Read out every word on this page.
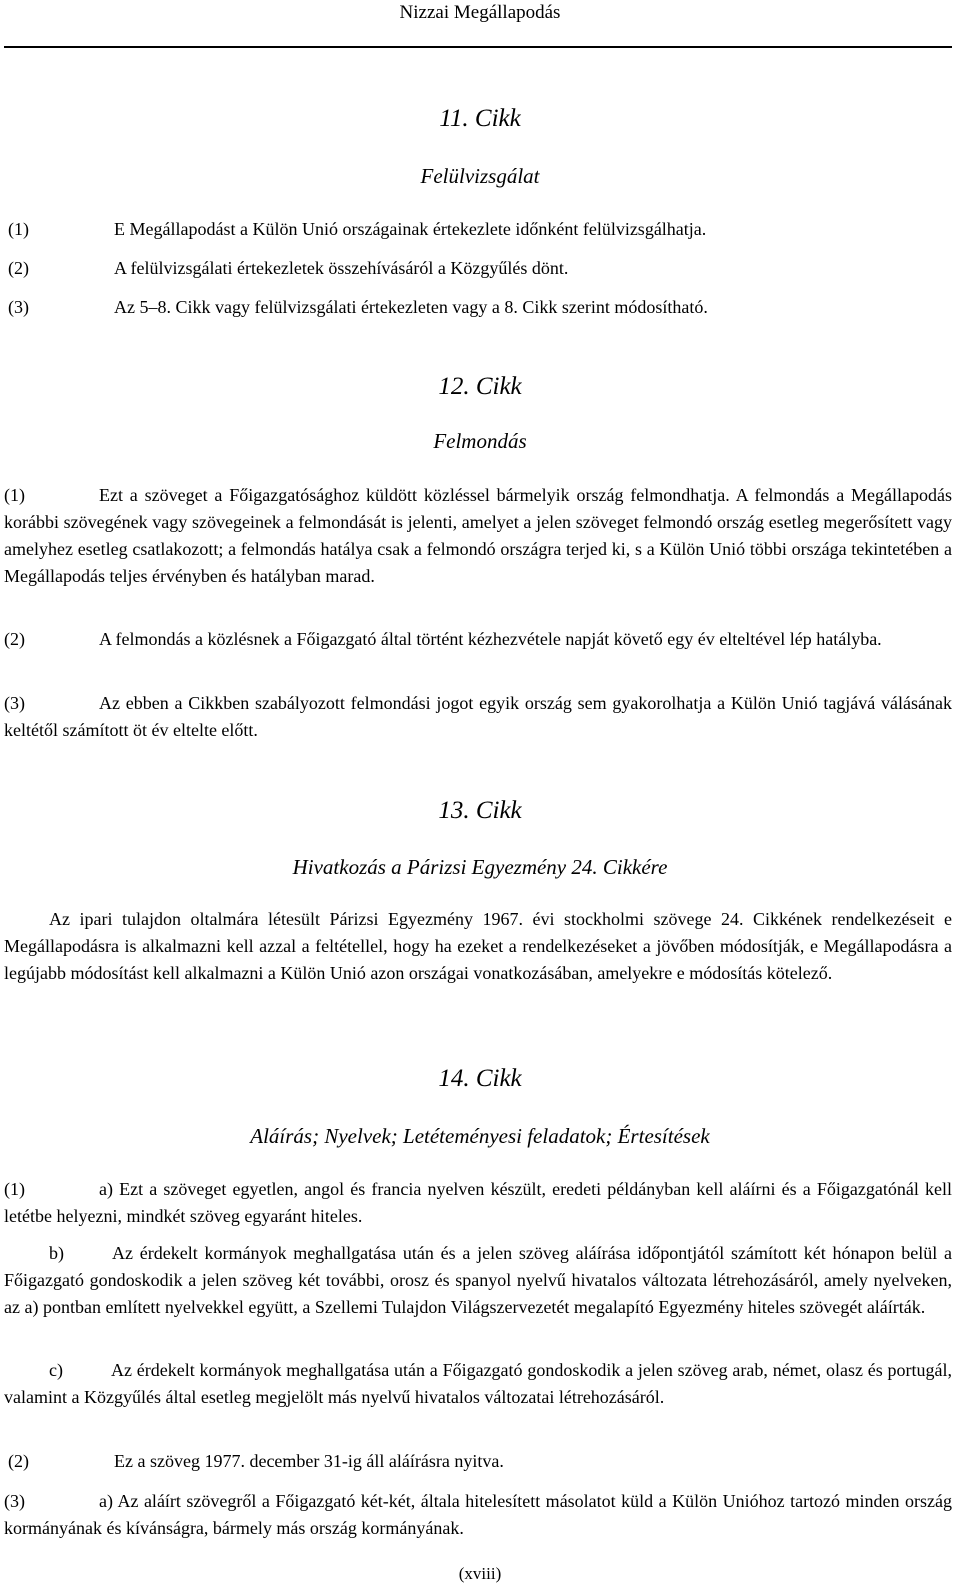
Nizzai Megállapodás
11. Cikk
Felülvizsgálat
(1)	E Megállapodást a Külön Unió országainak értekezlete időnként felülvizsgálhatja.
(2)	A felülvizsgálati értekezletek összehívásáról a Közgyűlés dönt.
(3)	Az 5–8. Cikk vagy felülvizsgálati értekezleten vagy a 8. Cikk szerint módosítható.
12. Cikk
Felmondás
(1)	Ezt a szöveget a Főigazgatósághoz küldött közléssel bármelyik ország felmondhatja. A felmondás a Megállapodás korábbi szövegének vagy szövegeinek a felmondását is jelenti, amelyet a jelen szöveget felmondó ország esetleg megerősített vagy amelyhez esetleg csatlakozott; a felmondás hatálya csak a felmondó országra terjed ki, s a Külön Unió többi országa tekintetében a Megállapodás teljes érvényben és hatályban marad.
(2)	A felmondás a közlésnek a Főigazgató által történt kézhezvétele napját követő egy év elteltével lép hatályba.
(3)	Az ebben a Cikkben szabályozott felmondási jogot egyik ország sem gyakorolhatja a Külön Unió tagjává válásának keltétől számított öt év eltelte előtt.
13. Cikk
Hivatkozás a Párizsi Egyezmény 24. Cikkére
Az ipari tulajdon oltalmára létesült Párizsi Egyezmény 1967. évi stockholmi szövege 24. Cikkének rendelkezéseit e Megállapodásra is alkalmazni kell azzal a feltétellel, hogy ha ezeket a rendelkezéseket a jövőben módosítják, e Megállapodásra a legújabb módosítást kell alkalmazni a Külön Unió azon országai vonatkozásában, amelyekre e módosítás kötelező.
14. Cikk
Aláírás; Nyelvek; Letéteményesi feladatok; Értesítések
(1)	a) Ezt a szöveget egyetlen, angol és francia nyelven készült, eredeti példányban kell aláírni és a Főigazgatónál kell letétbe helyezni, mindkét szöveg egyaránt hiteles.
b)	Az érdekelt kormányok meghallgatása után és a jelen szöveg aláírása időpontjától számított két hónapon belül a Főigazgató gondoskodik a jelen szöveg két további, orosz és spanyol nyelvű hivatalos változata létrehozásáról, amely nyelveken, az a) pontban említett nyelvekkel együtt, a Szellemi Tulajdon Világszervezetét megalapító Egyezmény hiteles szövegét aláírták.
c)	Az érdekelt kormányok meghallgatása után a Főigazgató gondoskodik a jelen szöveg arab, német, olasz és portugál, valamint a Közgyűlés által esetleg megjelölt más nyelvű hivatalos változatai létrehozásáról.
(2)	Ez a szöveg 1977. december 31-ig áll aláírásra nyitva.
(3)	a) Az aláírt szövegről a Főigazgató két-két, általa hitelesített másolatot küld a Külön Unióhoz tartozó minden ország kormányának és kívánságra, bármely más ország kormányának.
(xviii)
